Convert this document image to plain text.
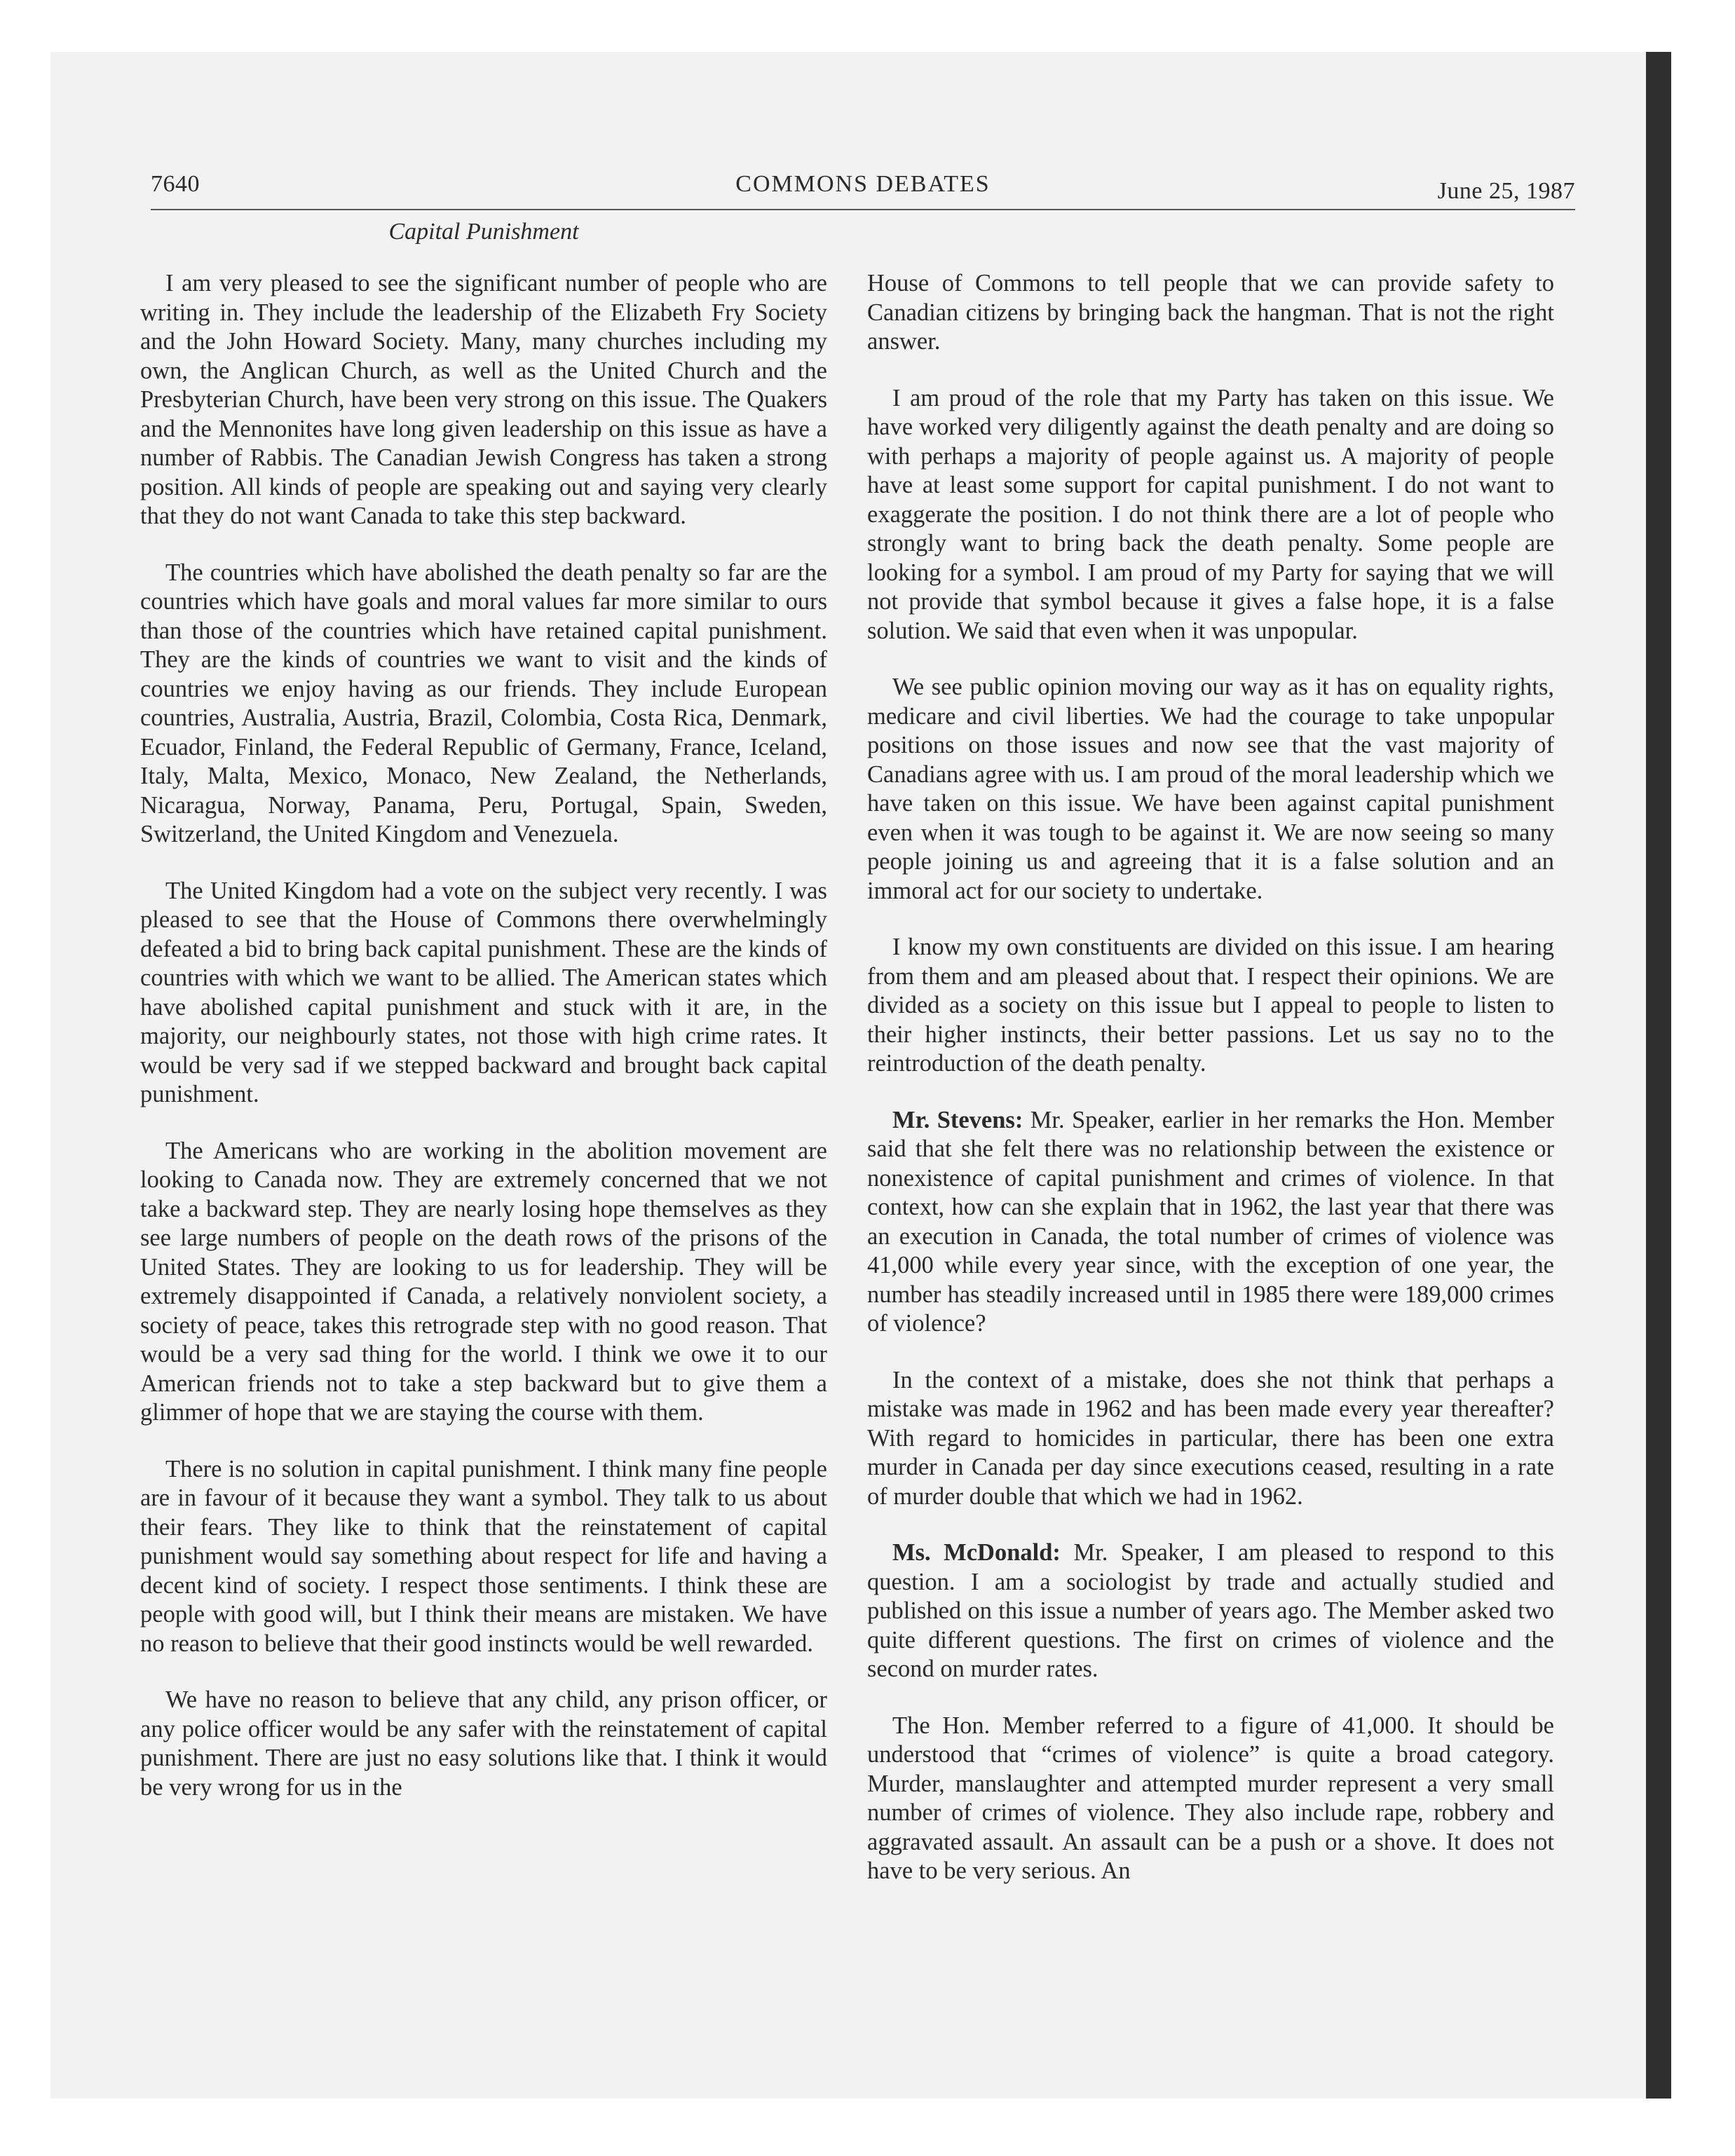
7640	COMMONS DEBATES	June 25, 1987
Capital Punishment

I am very pleased to see the significant number of people who are writing in. They include the leadership of the Elizabeth Fry Society and the John Howard Society. Many, many churches including my own, the Anglican Church, as well as the United Church and the Presbyterian Church, have been very strong on this issue. The Quakers and the Mennonites have long given leadership on this issue as have a number of Rabbis. The Canadian Jewish Congress has taken a strong position. All kinds of people are speaking out and saying very clearly that they do not want Canada to take this step backward.

The countries which have abolished the death penalty so far are the countries which have goals and moral values far more similar to ours than those of the countries which have retained capital punishment. They are the kinds of countries we want to visit and the kinds of countries we enjoy having as our friends. They include European countries, Australia, Austria, Brazil, Colombia, Costa Rica, Denmark, Ecuador, Finland, the Federal Republic of Germany, France, Iceland, Italy, Malta, Mexico, Monaco, New Zealand, the Netherlands, Nicaragua, Norway, Panama, Peru, Portugal, Spain, Sweden, Switzerland, the United Kingdom and Venezuela.

The United Kingdom had a vote on the subject very recently. I was pleased to see that the House of Commons there overwhelmingly defeated a bid to bring back capital punishment. These are the kinds of countries with which we want to be allied. The American states which have abolished capital punishment and stuck with it are, in the majority, our neighbourly states, not those with high crime rates. It would be very sad if we stepped backward and brought back capital punishment.

The Americans who are working in the abolition movement are looking to Canada now. They are extremely concerned that we not take a backward step. They are nearly losing hope themselves as they see large numbers of people on the death rows of the prisons of the United States. They are looking to us for leadership. They will be extremely disappointed if Canada, a relatively nonviolent society, a society of peace, takes this retrograde step with no good reason. That would be a very sad thing for the world. I think we owe it to our American friends not to take a step backward but to give them a glimmer of hope that we are staying the course with them.

There is no solution in capital punishment. I think many fine people are in favour of it because they want a symbol. They talk to us about their fears. They like to think that the reinstatement of capital punishment would say something about respect for life and having a decent kind of society. I respect those sentiments. I think these are people with good will, but I think their means are mistaken. We have no reason to believe that their good instincts would be well rewarded.

We have no reason to believe that any child, any prison officer, or any police officer would be any safer with the reinstatement of capital punishment. There are just no easy solutions like that. I think it would be very wrong for us in the

House of Commons to tell people that we can provide safety to Canadian citizens by bringing back the hangman. That is not the right answer.

I am proud of the role that my Party has taken on this issue. We have worked very diligently against the death penalty and are doing so with perhaps a majority of people against us. A majority of people have at least some support for capital punishment. I do not want to exaggerate the position. I do not think there are a lot of people who strongly want to bring back the death penalty. Some people are looking for a symbol. I am proud of my Party for saying that we will not provide that symbol because it gives a false hope, it is a false solution. We said that even when it was unpopular.

We see public opinion moving our way as it has on equality rights, medicare and civil liberties. We had the courage to take unpopular positions on those issues and now see that the vast majority of Canadians agree with us. I am proud of the moral leadership which we have taken on this issue. We have been against capital punishment even when it was tough to be against it. We are now seeing so many people joining us and agreeing that it is a false solution and an immoral act for our society to undertake.

I know my own constituents are divided on this issue. I am hearing from them and am pleased about that. I respect their opinions. We are divided as a society on this issue but I appeal to people to listen to their higher instincts, their better passions. Let us say no to the reintroduction of the death penalty.

Mr. Stevens: Mr. Speaker, earlier in her remarks the Hon. Member said that she felt there was no relationship between the existence or nonexistence of capital punishment and crimes of violence. In that context, how can she explain that in 1962, the last year that there was an execution in Canada, the total number of crimes of violence was 41,000 while every year since, with the exception of one year, the number has steadily increased until in 1985 there were 189,000 crimes of violence?

In the context of a mistake, does she not think that perhaps a mistake was made in 1962 and has been made every year thereafter? With regard to homicides in particular, there has been one extra murder in Canada per day since executions ceased, resulting in a rate of murder double that which we had in 1962.

Ms. McDonald: Mr. Speaker, I am pleased to respond to this question. I am a sociologist by trade and actually studied and published on this issue a number of years ago. The Member asked two quite different questions. The first on crimes of violence and the second on murder rates.

The Hon. Member referred to a figure of 41,000. It should be understood that “crimes of violence” is quite a broad category. Murder, manslaughter and attempted murder represent a very small number of crimes of violence. They also include rape, robbery and aggravated assault. An assault can be a push or a shove. It does not have to be very serious. An
